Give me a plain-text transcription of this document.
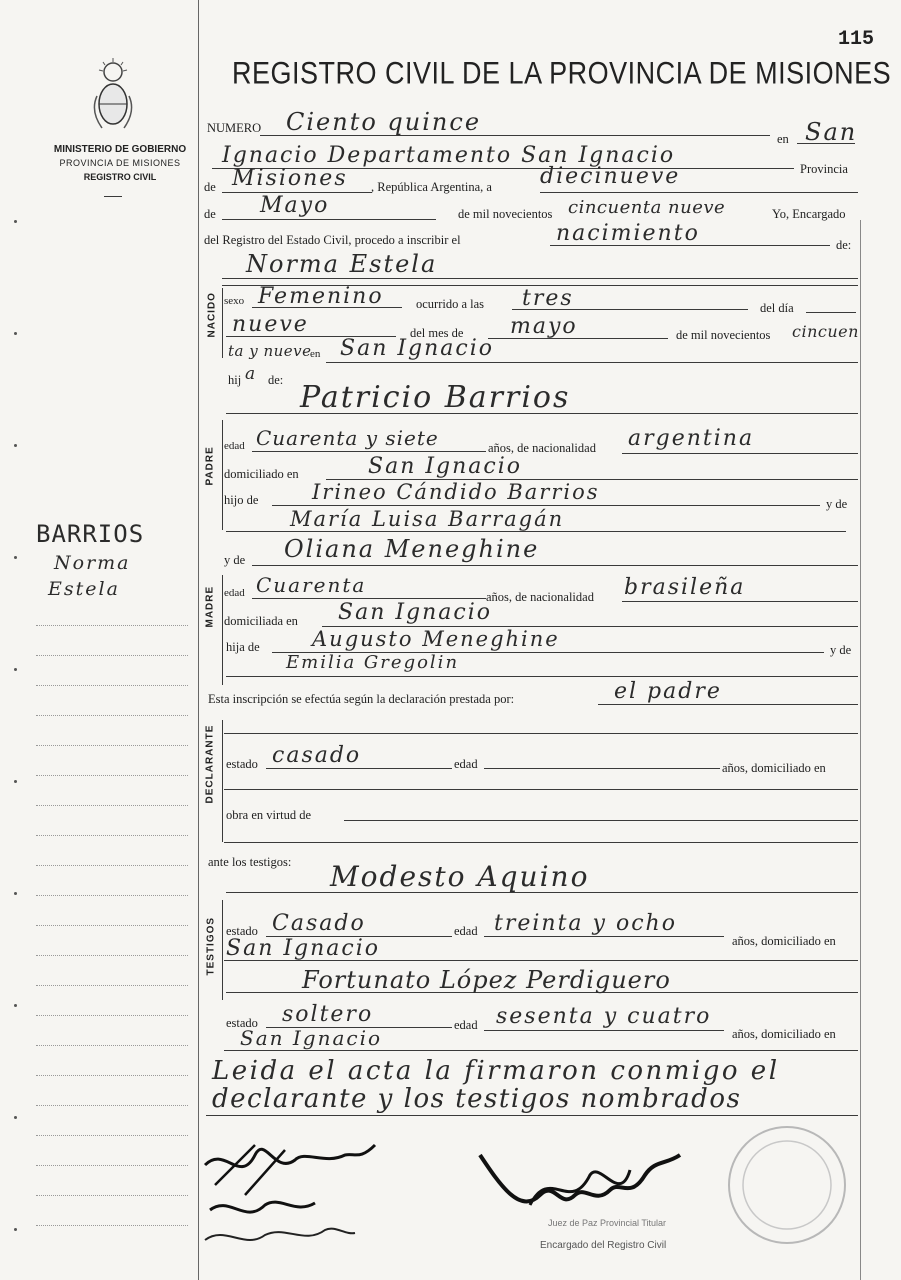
115
MINISTERIO DE GOBIERNO
PROVINCIA DE MISIONES
REGISTRO CIVIL
BARRIOS
Norma
Estela
REGISTRO CIVIL DE LA PROVINCIA DE MISIONES
NUMERO Ciento quince
en San
Ignacio Departamento San Ignacio
Provincia
de Misiones , República Argentina, a diecinueve
de Mayo	de mil novecientos cincuenta nueve	Yo, Encargado
del Registro del Estado Civil, procedo a inscribir el	nacimiento	de:
NACIDO
Norma Estela
sexo Femenino	ocurrido a las tres	del día
nueve	del mes de mayo	de mil novecientos cincuen
ta y nueve
en San Ignacio
hij a de: Patricio Barrios
PADRE
edad Cuarenta y siete	años, de nacionalidad argentina
domiciliado en	San Ignacio
hijo de	Irineo Cándido Barrios	y de
María Luisa Barragán
y de Oliana Meneghine
MADRE edad Cuarenta	años, de nacionalidad brasileña
domiciliada en San Ignacio
hija de Augusto Meneghine	y de
Emilia Gregolin
Esta inscripción se efectúa según la declaración prestada por:	el padre
DECLARANTE estado casado	edad	años, domiciliado en
obra en virtud de
ante los testigos: Modesto Aquino
TESTIGOS estado Casado	edad treinta y ocho
años, domiciliado en
San Ignacio
Fortunato López Perdiguero
estado soltero	edad sesenta y cuatro
años, domiciliado en
San Ignacio
Leida el acta la firmaron conmigo el
declarante y los testigos nombrados
Juez de Paz Provincial Titular
Encargado del Registro Civil
